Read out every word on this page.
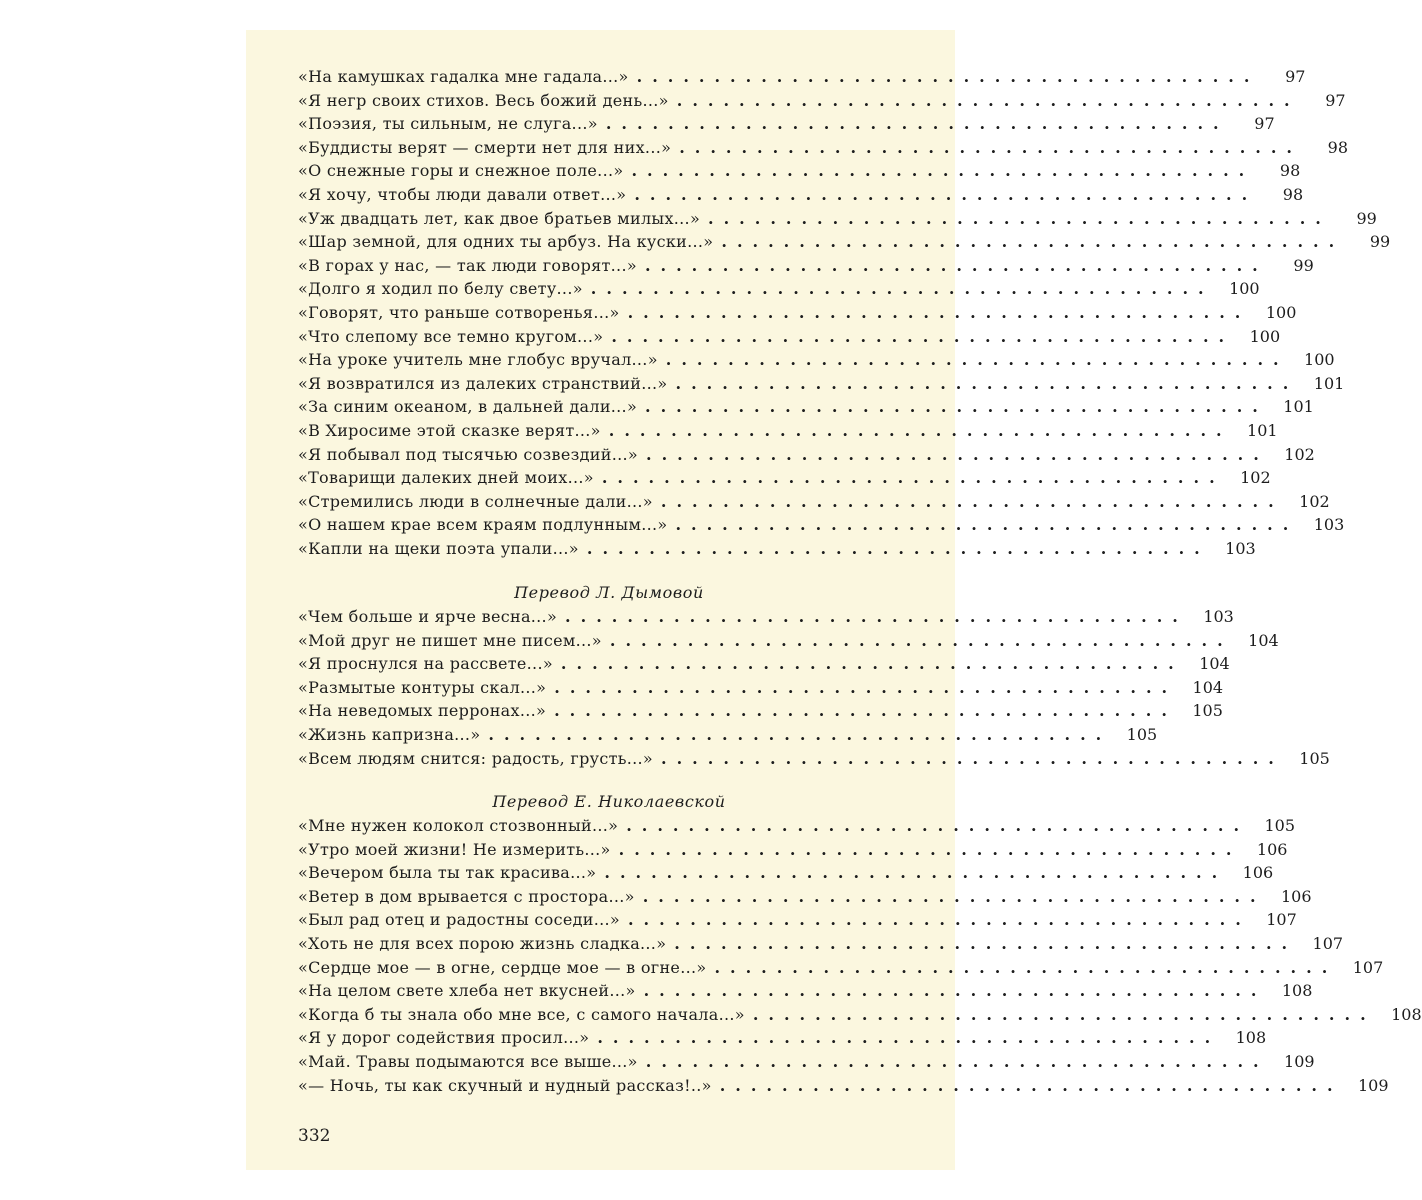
«На камушках гадалка мне гадала...» ........................................	97
«Я негр своих стихов. Весь божий день...» ........................................	97
«Поэзия, ты сильным, не слуга...» ........................................	97
«Буддисты верят — смерти нет для них...» ........................................	98
«О снежные горы и снежное поле...» ........................................	98
«Я хочу, чтобы люди давали ответ...» ........................................	98
«Уж двадцать лет, как двое братьев милых...» ........................................	99
«Шар земной, для одних ты арбуз. На куски...» ........................................	99
«В горах у нас, — так люди говорят...» ........................................	99
«Долго я ходил по белу свету...» ........................................ 100
«Говорят, что раньше сотворенья...» ........................................ 100
«Что слепому все темно кругом...» ........................................ 100
«На уроке учитель мне глобус вручал...» ........................................ 100
«Я возвратился из далеких странствий...» ........................................ 101
«За синим океаном, в дальней дали...» ........................................ 101
«В Хиросиме этой сказке верят...» ........................................ 101
«Я побывал под тысячью созвездий...» ........................................ 102
«Товарищи далеких дней моих...» ........................................ 102
«Стремились люди в солнечные дали...» ........................................ 102
«О нашем крае всем краям подлунным...» ........................................ 103
«Капли на щеки поэта упали...» ........................................ 103
Перевод Л. Дымовой
«Чем больше и ярче весна...» ........................................ 103
«Мой друг не пишет мне писем...» ........................................ 104
«Я проснулся на рассвете...» ........................................ 104
«Размытые контуры скал...» ........................................ 104
«На неведомых перронах...» ........................................ 105
«Жизнь капризна...» ........................................ 105
«Всем людям снится: радость, грусть...» ........................................ 105
Перевод Е. Николаевской
«Мне нужен колокол стозвонный...» ........................................ 105
«Утро моей жизни! Не измерить...» ........................................ 106
«Вечером была ты так красива...» ........................................ 106
«Ветер в дом врывается с простора...» ........................................ 106
«Был рад отец и радостны соседи...» ........................................ 107
«Хоть не для всех порою жизнь сладка...» ........................................ 107
«Сердце мое — в огне, сердце мое — в огне...» ........................................ 107
«На целом свете хлеба нет вкусней...» ........................................ 108
«Когда б ты знала обо мне все, с самого начала...» ........................................ 108
«Я у дорог содействия просил...» ........................................ 108
«Май. Травы подымаются все выше...» ........................................ 109
«— Ночь, ты как скучный и нудный рассказ!..» ........................................ 109
332
